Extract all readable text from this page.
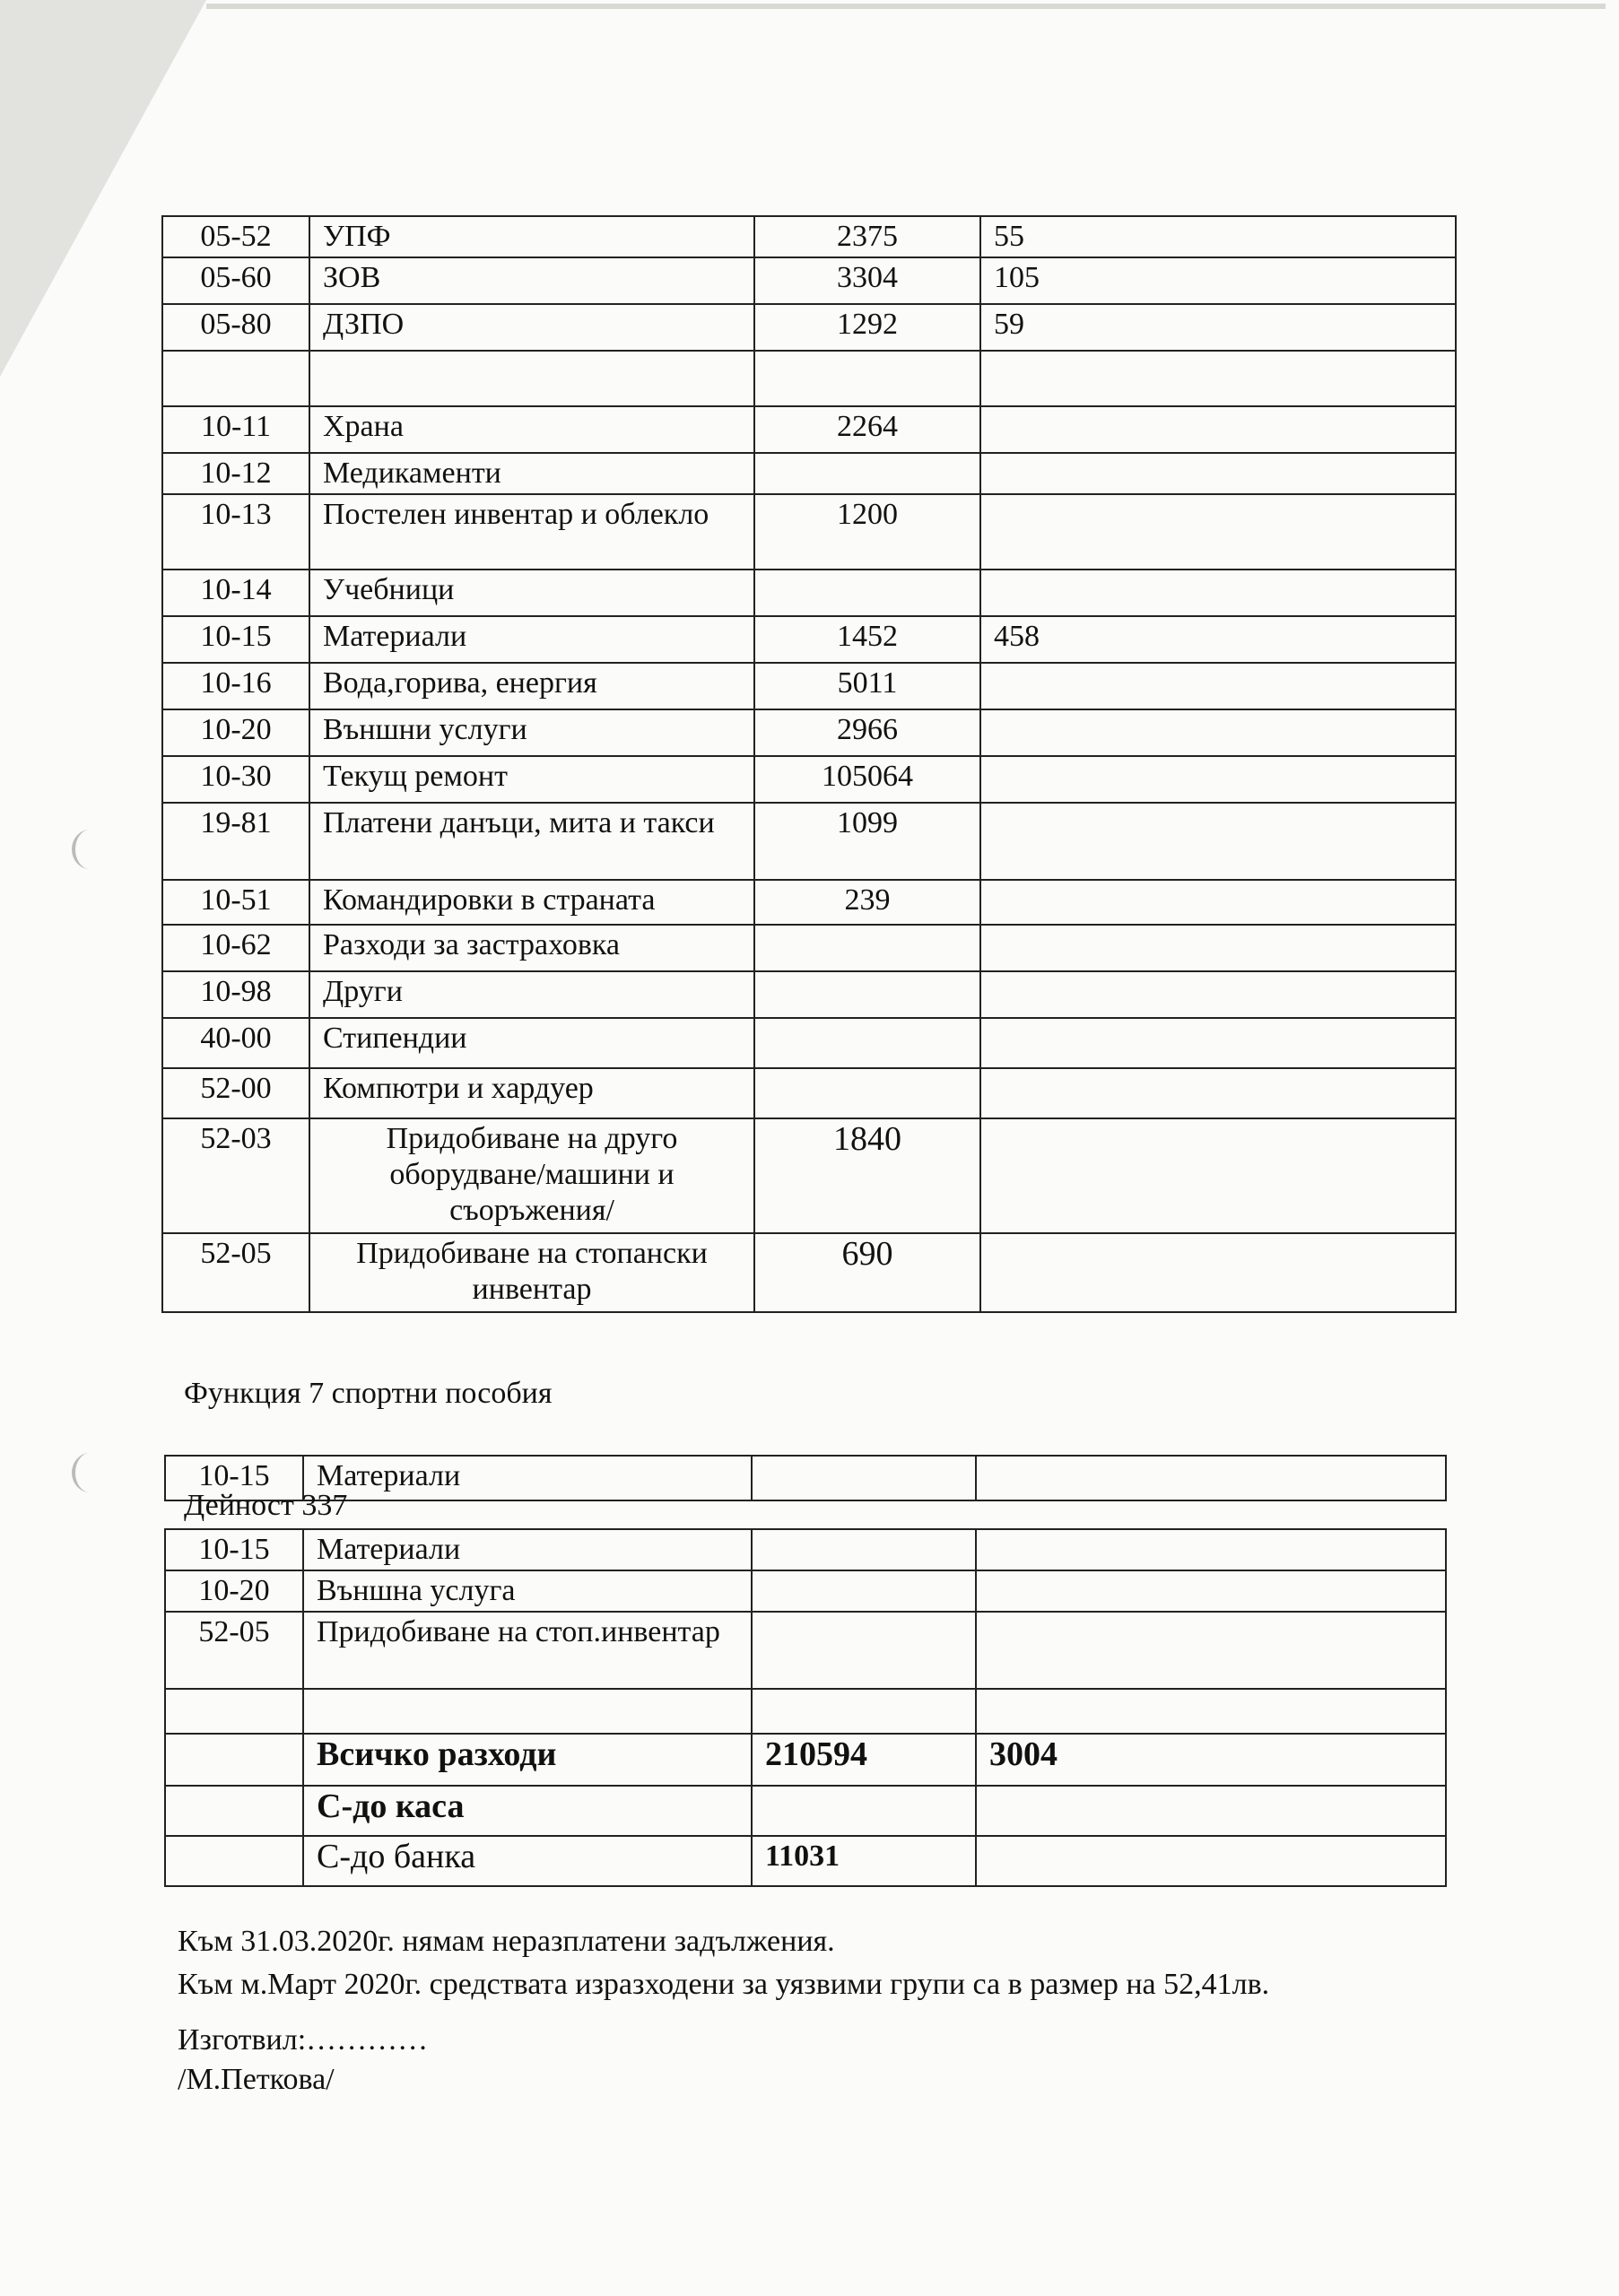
05-52	УПФ	2375	55
05-60	ЗОВ	3304	105
05-80	ДЗПО	1292	59

10-11	Храна	2264	
10-12	Медикаменти		
10-13	Постелен инвентар и облекло	1200	
10-14	Учебници		
10-15	Материали	1452	458
10-16	Вода,горива, енергия	5011	
10-20	Външни услуги	2966	
10-30	Текущ ремонт	105064	
19-81	Платени данъци, мита и такси	1099	
10-51	Командировки в страната	239	
10-62	Разходи за застраховка		
10-98	Други		
40-00	Стипендии		
52-00	Компютри и хардуер		
52-03	Придобиване на друго оборудване/машини и съоръжения/	1840	
52-05	Придобиване на стопански инвентар	690	
Функция 7 спортни пособия
10-15	Материали		
Дейност 337
10-15	Материали		
10-20	Външна услуга		
52-05	Придобиване на стоп.инвентар		

	Всичко разходи	210594	3004
	С-до каса		
	С-до банка	11031	
Към 31.03.2020г. нямам неразплатени задължения.
Към м.Март 2020г. средствата изразходени за уязвими групи са в размер на 52,41лв.
Изготвил:…………
/М.Петкова/
